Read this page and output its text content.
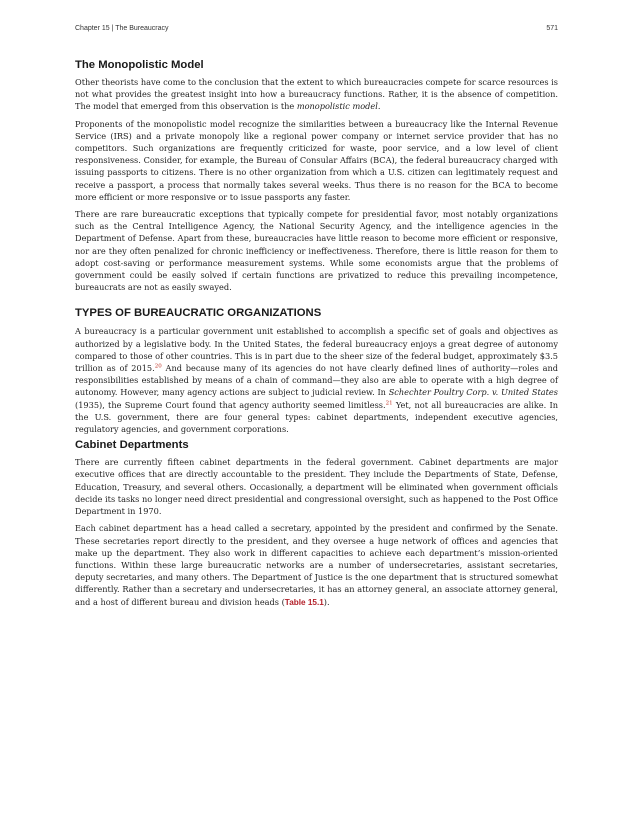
Chapter 15 | The Bureaucracy	571
The Monopolistic Model

Other theorists have come to the conclusion that the extent to which bureaucracies compete for scarce resources is not what provides the greatest insight into how a bureaucracy functions. Rather, it is the absence of competition. The model that emerged from this observation is the monopolistic model.

Proponents of the monopolistic model recognize the similarities between a bureaucracy like the Internal Revenue Service (IRS) and a private monopoly like a regional power company or internet service provider that has no competitors. Such organizations are frequently criticized for waste, poor service, and a low level of client responsiveness. Consider, for example, the Bureau of Consular Affairs (BCA), the federal bureaucracy charged with issuing passports to citizens. There is no other organization from which a U.S. citizen can legitimately request and receive a passport, a process that normally takes several weeks. Thus there is no reason for the BCA to become more efficient or more responsive or to issue passports any faster.

There are rare bureaucratic exceptions that typically compete for presidential favor, most notably organizations such as the Central Intelligence Agency, the National Security Agency, and the intelligence agencies in the Department of Defense. Apart from these, bureaucracies have little reason to become more efficient or responsive, nor are they often penalized for chronic inefficiency or ineffectiveness. Therefore, there is little reason for them to adopt cost-saving or performance measurement systems. While some economists argue that the problems of government could be easily solved if certain functions are privatized to reduce this prevailing incompetence, bureaucrats are not as easily swayed.

TYPES OF BUREAUCRATIC ORGANIZATIONS

A bureaucracy is a particular government unit established to accomplish a specific set of goals and objectives as authorized by a legislative body. In the United States, the federal bureaucracy enjoys a great degree of autonomy compared to those of other countries. This is in part due to the sheer size of the federal budget, approximately $3.5 trillion as of 2015.20 And because many of its agencies do not have clearly defined lines of authority—roles and responsibilities established by means of a chain of command—they also are able to operate with a high degree of autonomy. However, many agency actions are subject to judicial review. In Schechter Poultry Corp. v. United States (1935), the Supreme Court found that agency authority seemed limitless.$^{21}$ Yet, not all bureaucracies are alike. In the U.S. government, there are four general types: cabinet departments, independent executive agencies, regulatory agencies, and government corporations.

Cabinet Departments

There are currently fifteen cabinet departments in the federal government. Cabinet departments are major executive offices that are directly accountable to the president. They include the Departments of State, Defense, Education, Treasury, and several others. Occasionally, a department will be eliminated when government officials decide its tasks no longer need direct presidential and congressional oversight, such as happened to the Post Office Department in 1970.

Each cabinet department has a head called a secretary, appointed by the president and confirmed by the Senate. These secretaries report directly to the president, and they oversee a huge network of offices and agencies that make up the department. They also work in different capacities to achieve each department’s mission-oriented functions. Within these large bureaucratic networks are a number of undersecretaries, assistant secretaries, deputy secretaries, and many others. The Department of Justice is the one department that is structured somewhat differently. Rather than a secretary and undersecretaries, it has an attorney general, an associate attorney general, and a host of different bureau and division heads (Table 15.1).
